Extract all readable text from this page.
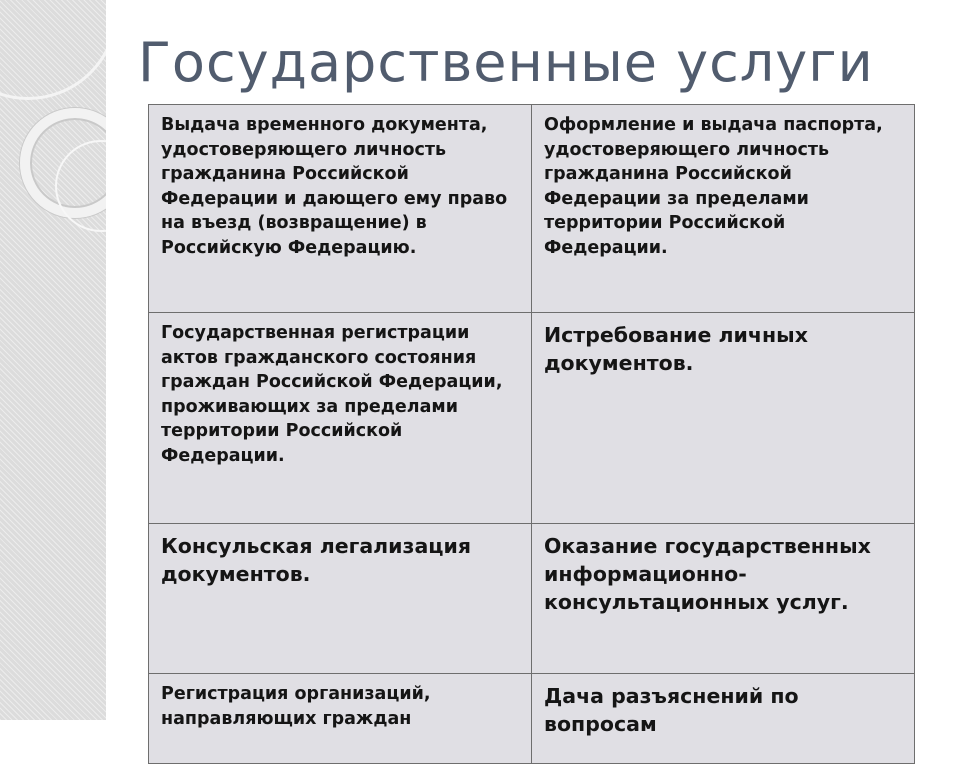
Государственные услуги
Выдача временного документа, удостоверяющего личность гражданина Российской Федерации и дающего ему право на въезд (возвращение) в Российскую Федерацию.	Оформление и выдача паспорта, удостоверяющего личность гражданина Российской Федерации за пределами территории Российской Федерации.
Государственная регистрации актов гражданского состояния граждан Российской Федерации, проживающих за пределами территории Российской Федерации.	Истребование личных документов.
Консульская легализация документов.	Оказание государственных информационно-консультационных услуг.
Регистрация организаций, направляющих граждан	Дача разъяснений по вопросам
